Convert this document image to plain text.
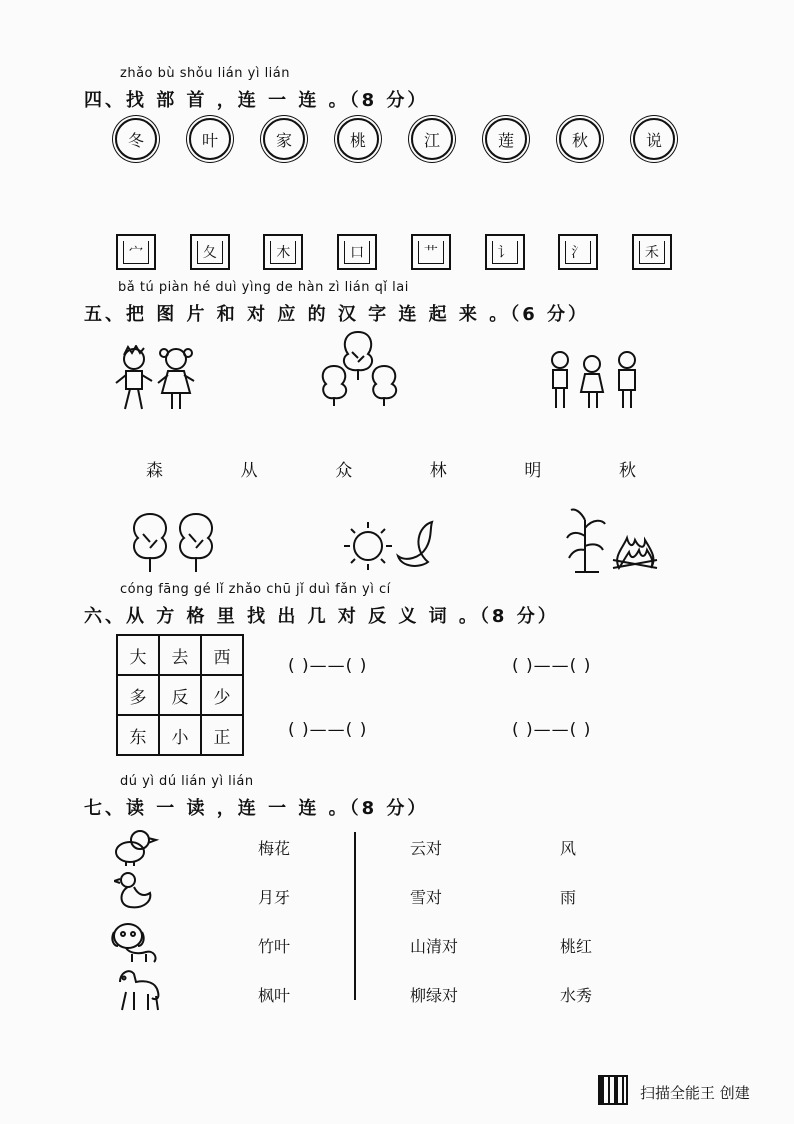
zhǎo bù shǒu lián yì lián
四、找 部 首 ，连 一 连 。（8 分）
冬	叶	家	桃	江	莲	秋	说
宀	夂	木	口	艹	讠	氵	禾
bǎ tú piàn hé duì yìng de hàn zì lián qǐ lai
五、把 图 片 和 对 应 的 汉 字 连 起 来 。（6 分）
森	从	众	林	明	秋
cóng fāng gé lǐ zhǎo chū jǐ duì fǎn yì cí
六、从 方 格 里 找 出 几 对 反 义 词 。（8 分）
大	去	西
多	反	少
东	小	正
( )——( )	( )——( )
( )——( )	( )——( )
dú yì dú lián yì lián
七、读 一 读 ，连 一 连 。（8 分）
梅花
月牙
竹叶
枫叶
云对
雪对
山清对
柳绿对
风
雨
桃红
水秀
扫描全能王 创建
